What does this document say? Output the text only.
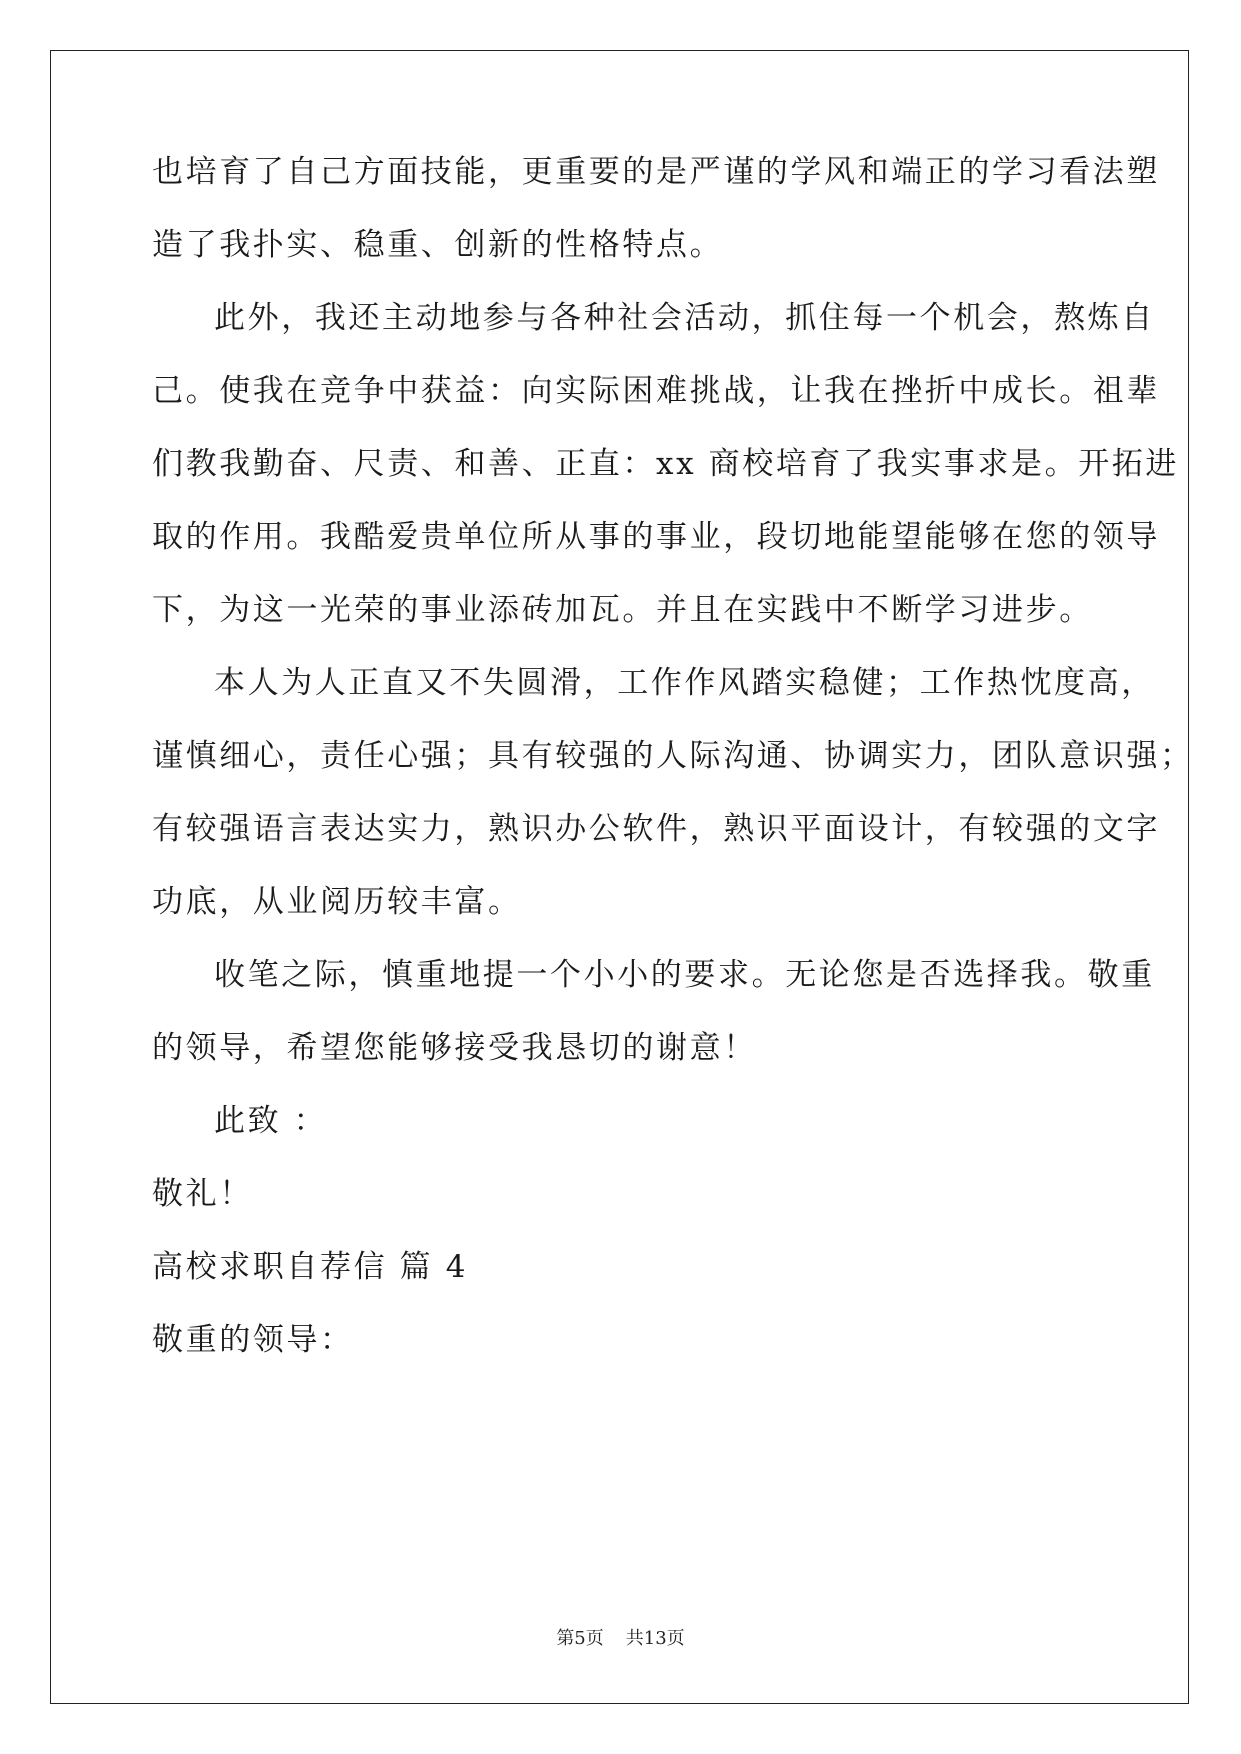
也培育了自己方面技能，更重要的是严谨的学风和端正的学习看法塑
造了我扑实、稳重、创新的性格特点。
此外，我还主动地参与各种社会活动，抓住每一个机会，熬炼自
己。使我在竞争中获益：向实际困难挑战，让我在挫折中成长。祖辈
们教我勤奋、尺责、和善、正直：xx 商校培育了我实事求是。开拓进
取的作用。我酷爱贵单位所从事的事业，段切地能望能够在您的领导
下，为这一光荣的事业添砖加瓦。并且在实践中不断学习进步。
本人为人正直又不失圆滑，工作作风踏实稳健；工作热忱度高，
谨慎细心，责任心强；具有较强的人际沟通、协调实力，团队意识强；
有较强语言表达实力，熟识办公软件，熟识平面设计，有较强的文字
功底，从业阅历较丰富。
收笔之际，慎重地提一个小小的要求。无论您是否选择我。敬重
的领导，希望您能够接受我恳切的谢意！
此致 ：
敬礼！
高校求职自荐信 篇 4
敬重的领导：
第5页 共13页
